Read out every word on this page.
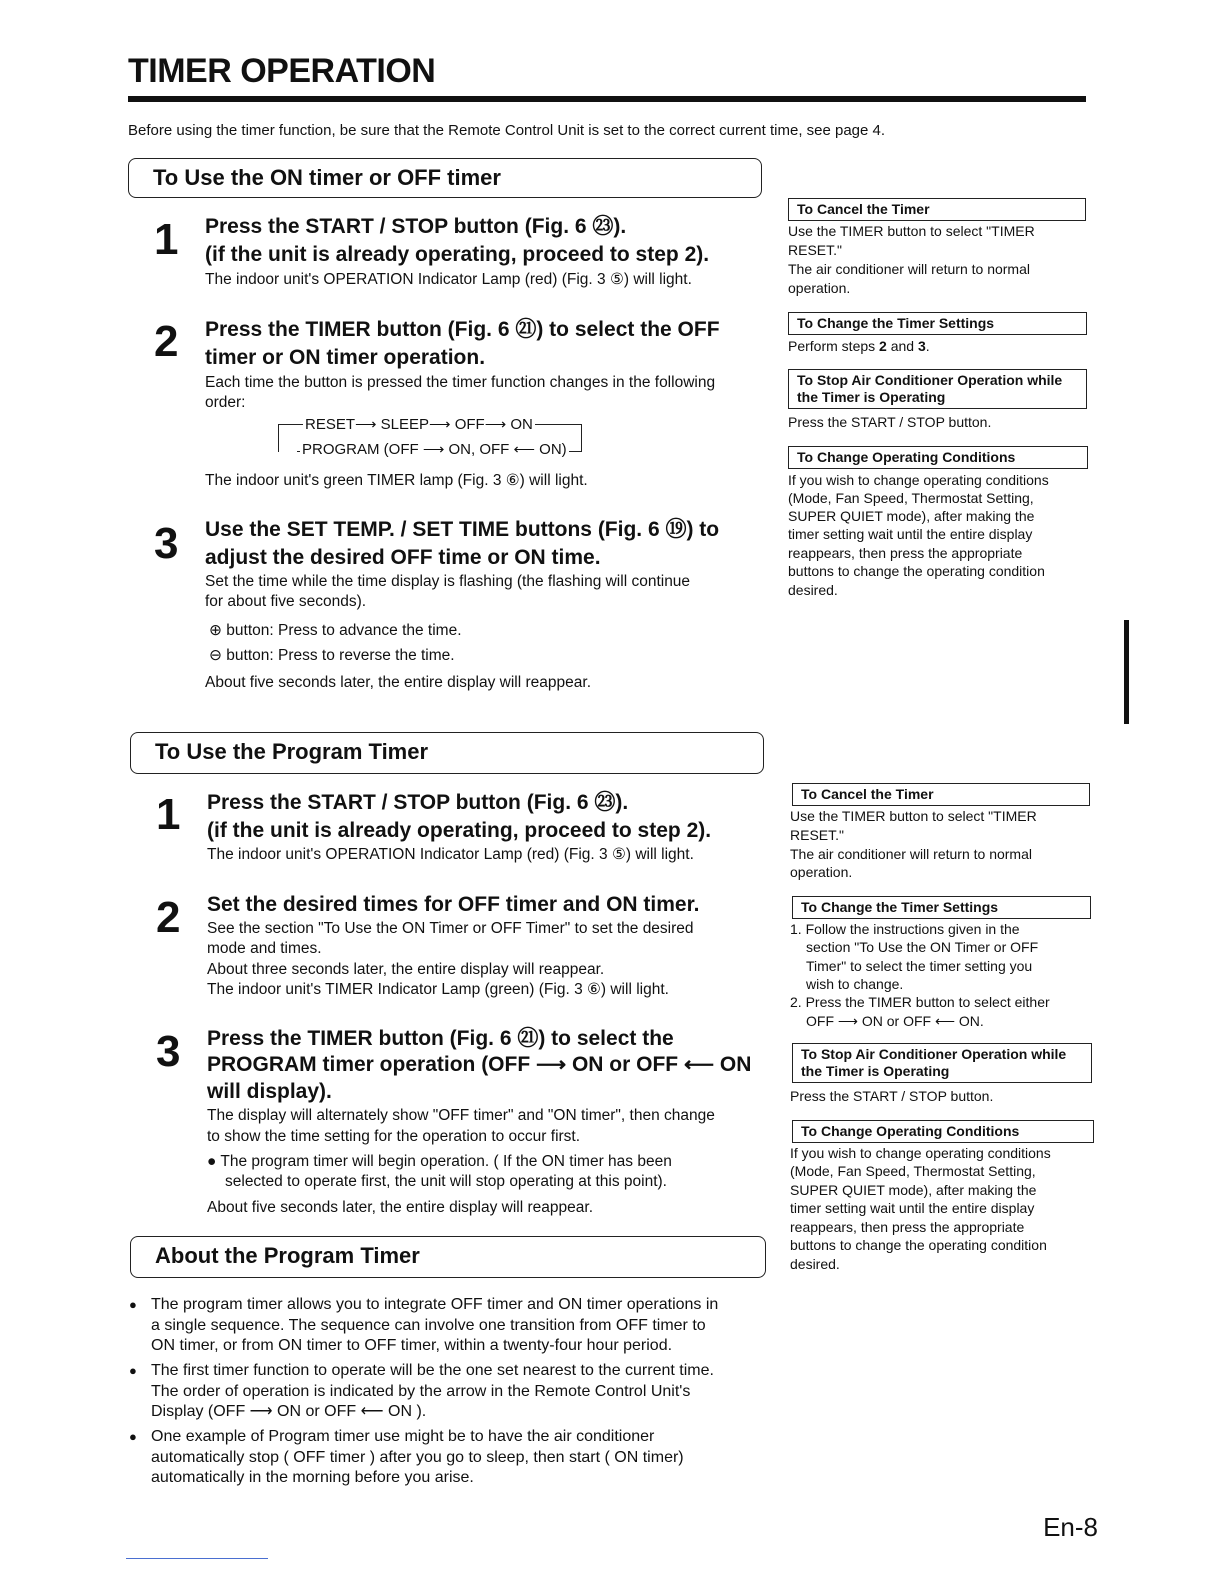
TIMER OPERATION
Before using the timer function, be sure that the Remote Control Unit is set to the correct current time, see page 4.
To Use the ON timer or OFF timer
1 Press the START / STOP button (Fig. 6 ㉓).
(if the unit is already operating, proceed to step 2).
The indoor unit's OPERATION Indicator Lamp (red) (Fig. 3 ⑤) will light.
2 Press the TIMER button (Fig. 6 ㉑) to select the OFF
timer or ON timer operation.
Each time the button is pressed the timer function changes in the following
order:
RESET⟶ SLEEP⟶ OFF⟶ ON
PROGRAM (OFF ⟶ ON, OFF ⟵ ON)
The indoor unit's green TIMER lamp (Fig. 3 ⑥) will light.
3 Use the SET TEMP. / SET TIME buttons (Fig. 6 ⑲) to
adjust the desired OFF time or ON time.
Set the time while the time display is flashing (the flashing will continue
for about five seconds).
⊕ button: Press to advance the time.
⊖ button: Press to reverse the time.
About five seconds later, the entire display will reappear.
To Cancel the Timer
Use the TIMER button to select "TIMER
RESET."
The air conditioner will return to normal
operation.
To Change the Timer Settings
Perform steps 2 and 3.
To Stop Air Conditioner Operation while
the Timer is Operating
Press the START / STOP button.
To Change Operating Conditions
If you wish to change operating conditions
(Mode, Fan Speed, Thermostat Setting,
SUPER QUIET mode), after making the
timer setting wait until the entire display
reappears, then press the appropriate
buttons to change the operating condition
desired.
To Use the Program Timer
1 Press the START / STOP button (Fig. 6 ㉓).
(if the unit is already operating, proceed to step 2).
The indoor unit's OPERATION Indicator Lamp (red) (Fig. 3 ⑤) will light.
2 Set the desired times for OFF timer and ON timer.
See the section "To Use the ON Timer or OFF Timer" to set the desired
mode and times.
About three seconds later, the entire display will reappear.
The indoor unit's TIMER Indicator Lamp (green) (Fig. 3 ⑥) will light.
3 Press the TIMER button (Fig. 6 ㉑) to select the
PROGRAM timer operation (OFF ⟶ ON or OFF ⟵ ON
will display).
The display will alternately show "OFF timer" and "ON timer", then change
to show the time setting for the operation to occur first.
● The program timer will begin operation. ( If the ON timer has been
selected to operate first, the unit will stop operating at this point).
About five seconds later, the entire display will reappear.
To Cancel the Timer
Use the TIMER button to select "TIMER
RESET."
The air conditioner will return to normal
operation.
To Change the Timer Settings
1. Follow the instructions given in the
section "To Use the ON Timer or OFF
Timer" to select the timer setting you
wish to change.
2. Press the TIMER button to select either
OFF ⟶ ON or OFF ⟵ ON.
To Stop Air Conditioner Operation while
the Timer is Operating
Press the START / STOP button.
To Change Operating Conditions
If you wish to change operating conditions
(Mode, Fan Speed, Thermostat Setting,
SUPER QUIET mode), after making the
timer setting wait until the entire display
reappears, then press the appropriate
buttons to change the operating condition
desired.
About the Program Timer
● The program timer allows you to integrate OFF timer and ON timer operations in
a single sequence. The sequence can involve one transition from OFF timer to
ON timer, or from ON timer to OFF timer, within a twenty-four hour period.
● The first timer function to operate will be the one set nearest to the current time.
The order of operation is indicated by the arrow in the Remote Control Unit's
Display (OFF ⟶ ON or OFF ⟵ ON ).
● One example of Program timer use might be to have the air conditioner
automatically stop ( OFF timer ) after you go to sleep, then start ( ON timer)
automatically in the morning before you arise.
En-8
